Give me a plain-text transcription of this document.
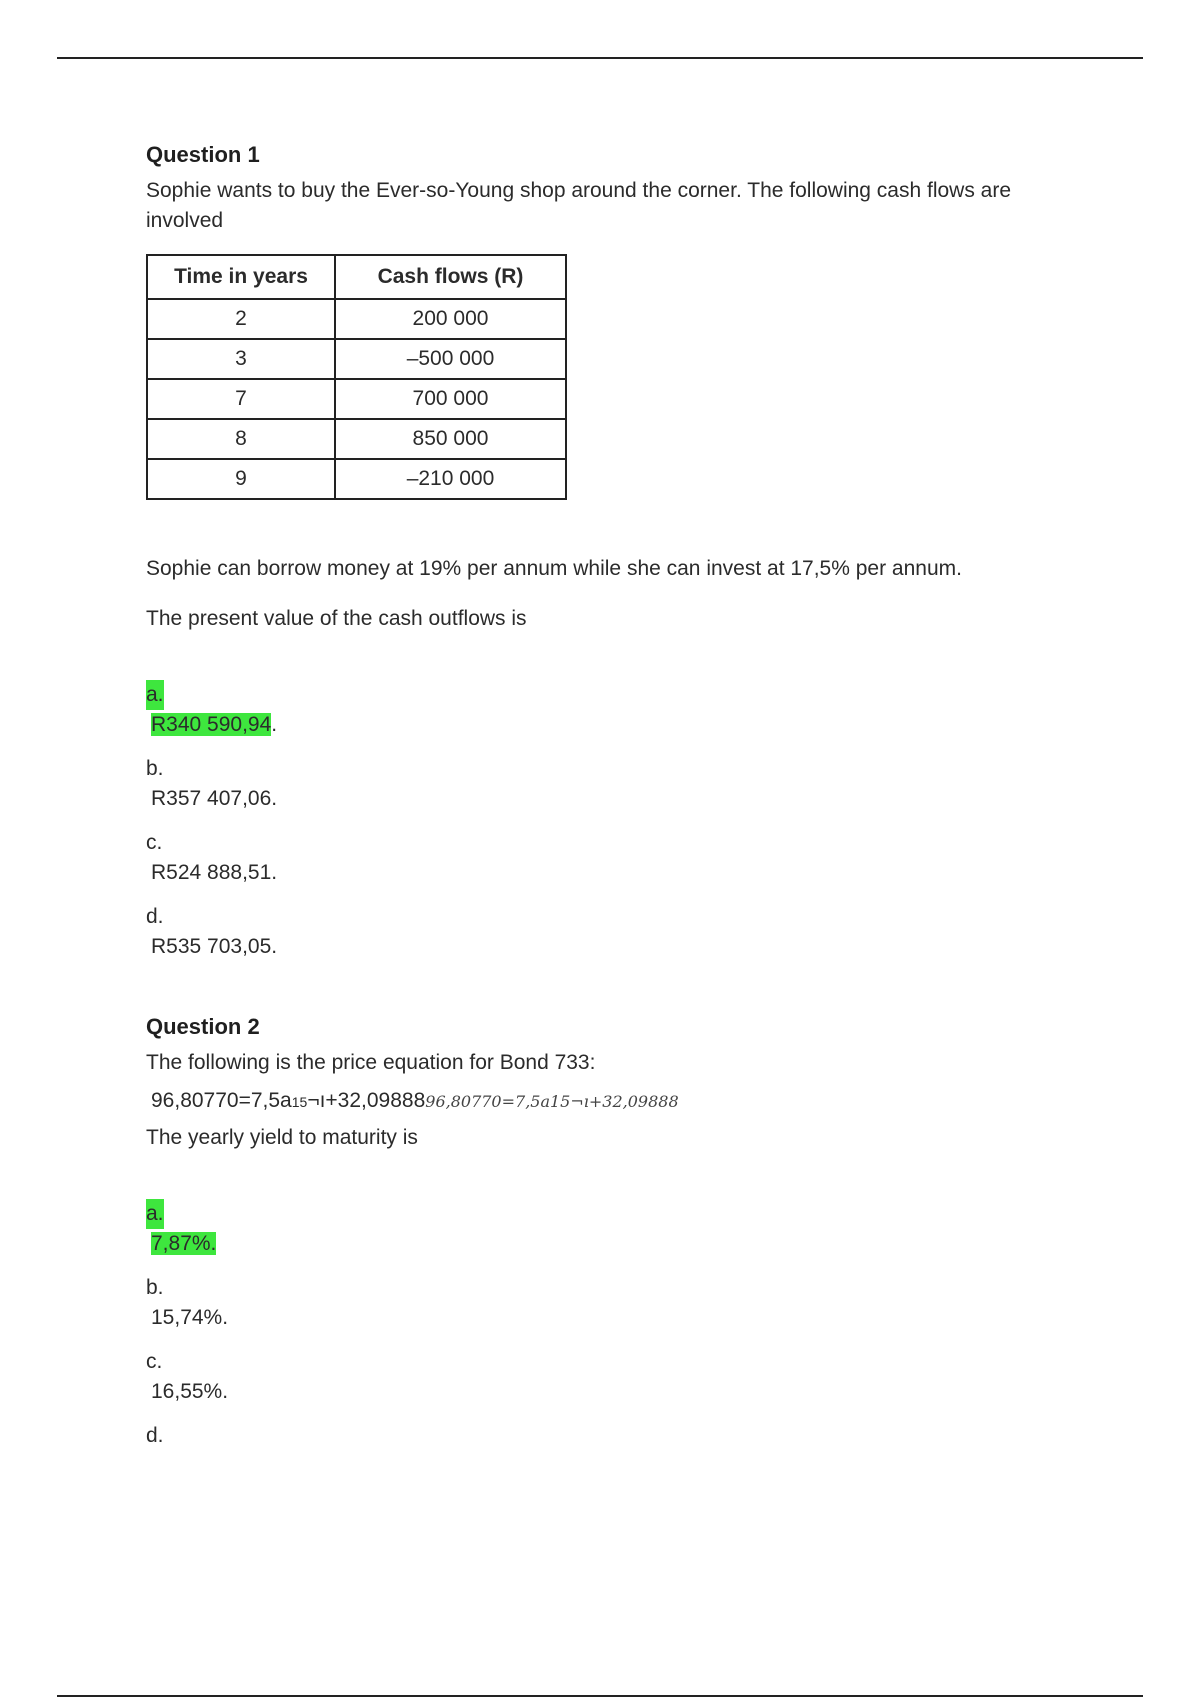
Question 1

Sophie wants to buy the Ever-so-Young shop around the corner. The following cash flows are involved

Time in years	Cash flows (R)
2	200 000
3	–500 000
7	700 000
8	850 000
9	–210 000

Sophie can borrow money at 19% per annum while she can invest at 17,5% per annum.

The present value of the cash outflows is

a.
R340 590,94.
b.
R357 407,06.
c.
R524 888,51.
d.
R535 703,05.
Question 2

The following is the price equation for Bond 733:

96,80770=7,5a15¬ı+32,0988896,80770=7,5a15¬ı+32,09888

The yearly yield to maturity is

a.
7,87%.
b.
15,74%.
c.
16,55%.
d.
